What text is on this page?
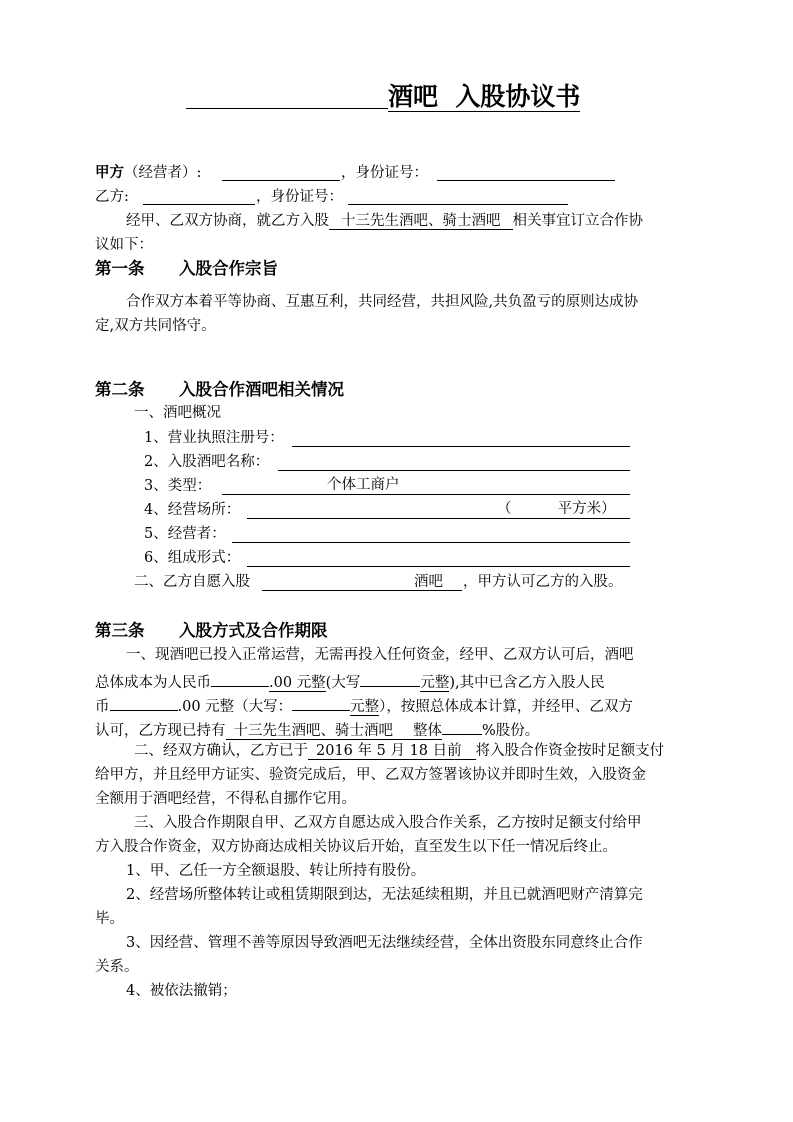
酒吧  入股协议书
甲方（经营者）:	，身份证号：
乙方:	，身份证号：
经甲、乙双方协商，就乙方入股 十三先生酒吧、骑士酒吧 相关事宜订立合作协
议如下：
第一条      入股合作宗旨
合作双方本着平等协商、互惠互利，共同经营，共担风险,共负盈亏的原则达成协
定,双方共同恪守。
第二条      入股合作酒吧相关情况
一、酒吧概况
1、营业执照注册号：
2、入股酒吧名称：
3、类型：	个体工商户
4、经营场所：	（          平方米）
5、经营者：
6、组成形式：
二、乙方自愿入股	酒吧 ，甲方认可乙方的入股。
第三条      入股方式及合作期限
一、现酒吧已投入正常运营，无需再投入任何资金，经甲、乙双方认可后，酒吧
总体成本为人民币	.00 元整(大写	元整),其中已含乙方入股人民
币	.00 元整（大写：	元整），按照总体成本计算，并经甲、乙双方
认可，乙方现已持有 十三先生酒吧、骑士酒吧 整体	%股份。
二、经双方确认，乙方已于 2016 年 5 月 18 日前 将入股合作资金按时足额支付
给甲方，并且经甲方证实、验资完成后，甲、乙双方签署该协议并即时生效，入股资金
全额用于酒吧经营，不得私自挪作它用。
三、入股合作期限自甲、乙双方自愿达成入股合作关系，乙方按时足额支付给甲
方入股合作资金，双方协商达成相关协议后开始，直至发生以下任一情况后终止。
1、甲、乙任一方全额退股、转让所持有股份。
2、经营场所整体转让或租赁期限到达，无法延续租期，并且已就酒吧财产清算完
毕。
3、因经营、管理不善等原因导致酒吧无法继续经营，全体出资股东同意终止合作
关系。
4、被依法撤销；
